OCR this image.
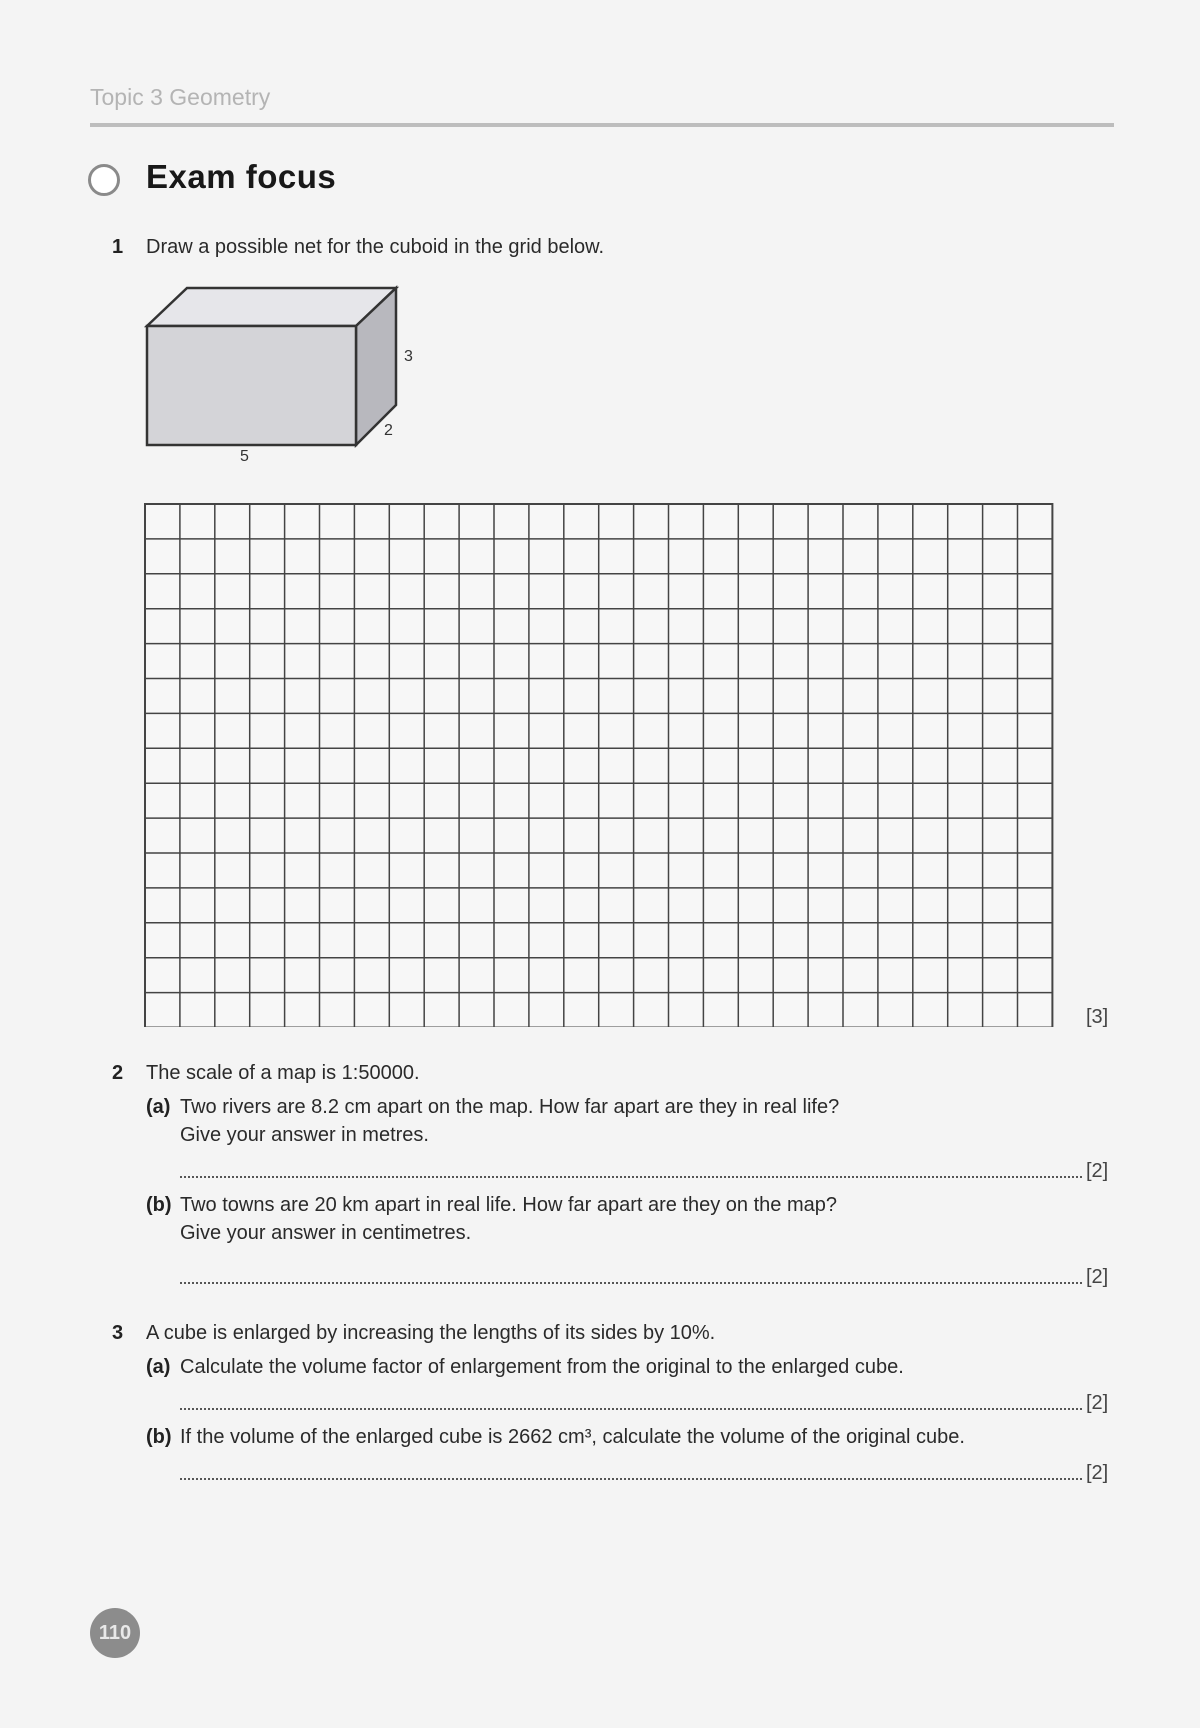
Topic 3 Geometry
Exam focus
1 Draw a possible net for the cuboid in the grid below.
5
3
2
[3]
2 The scale of a map is 1:50000.
(a) Two rivers are 8.2 cm apart on the map. How far apart are they in real life?
Give your answer in metres.
[2]
(b) Two towns are 20 km apart in real life. How far apart are they on the map?
Give your answer in centimetres.
[2]
3 A cube is enlarged by increasing the lengths of its sides by 10%.
(a) Calculate the volume factor of enlargement from the original to the enlarged cube.
[2]
(b) If the volume of the enlarged cube is 2662 cm³, calculate the volume of the original cube.
[2]
110
